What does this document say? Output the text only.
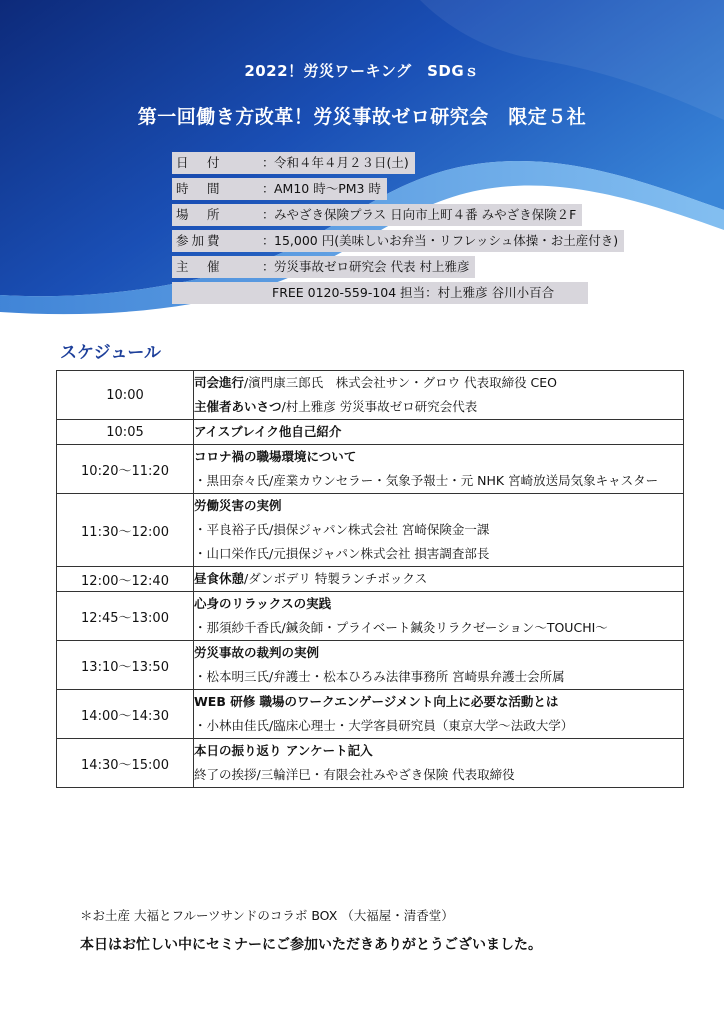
2022！労災ワーキング　SDGｓ
第一回働き方改革！労災事故ゼロ研究会　限定５社
日　付	： 令和４年４月２３日(土)
時　間	： AM10 時～PM3 時
場　所	： みやざき保険プラス 日向市上町４番 みやざき保険２F
参加費	： 15,000 円(美味しいお弁当・リフレッシュ体操・お土産付き)
主　催	： 労災事故ゼロ研究会 代表 村上雅彦
FREE 0120-559-104 担当：村上雅彦 谷川小百合
スケジュール
10:00	司会進行/濱門康三郎氏　株式会社サン・グロウ 代表取締役 CEO
主催者あいさつ/村上雅彦 労災事故ゼロ研究会代表

10:05	アイスブレイク他自己紹介

10:20～11:20	コロナ禍の職場環境について
・黒田奈々氏/産業カウンセラー・気象予報士・元 NHK 宮崎放送局気象キャスター

11:30～12:00	労働災害の実例
・平良裕子氏/損保ジャパン株式会社 宮崎保険金一課
・山口栄作氏/元損保ジャパン株式会社 損害調査部長

12:00～12:40	昼食休憩/ダンボデリ 特製ランチボックス

12:45～13:00	心身のリラックスの実践
・那須紗千香氏/鍼灸師・プライベート鍼灸リラクゼーション～TOUCHI～

13:10～13:50	労災事故の裁判の実例
・松本明三氏/弁護士・松本ひろみ法律事務所 宮崎県弁護士会所属

14:00～14:30	WEB 研修 職場のワークエンゲージメント向上に必要な活動とは
・小林由佳氏/臨床心理士・大学客員研究員（東京大学～法政大学）

14:30～15:00	本日の振り返り アンケート記入
終了の挨拶/三輪洋巳・有限会社みやざき保険 代表取締役
＊お土産 大福とフルーツサンドのコラボ BOX （大福屋・清香堂）
本日はお忙しい中にセミナーにご参加いただきありがとうございました。
